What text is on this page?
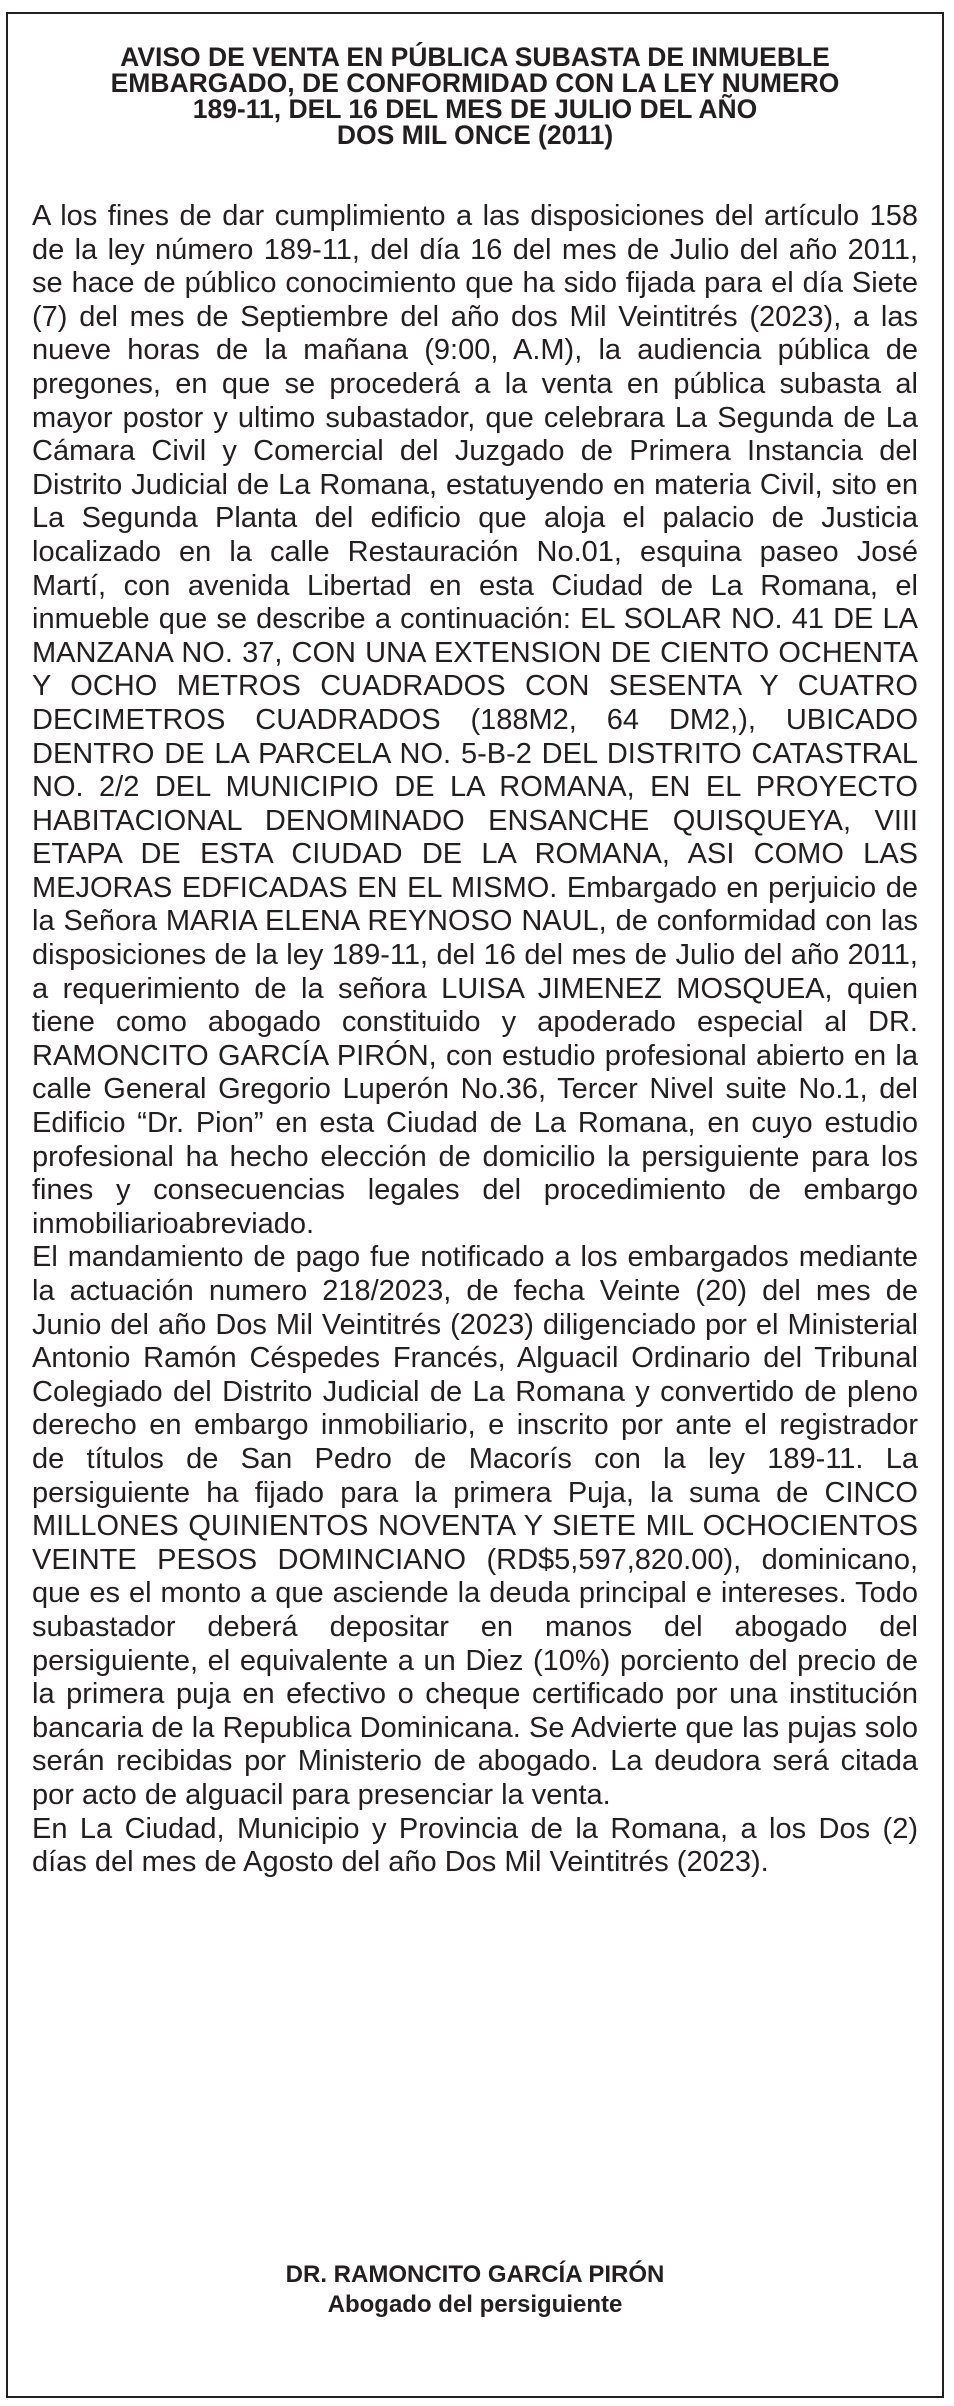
AVISO DE VENTA EN PÚBLICA SUBASTA DE INMUEBLE
EMBARGADO, DE CONFORMIDAD CON LA LEY NUMERO
189-11, DEL 16 DEL MES DE JULIO DEL AÑO
DOS MIL ONCE (2011)

A los fines de dar cumplimiento a las disposiciones del artículo 158 de la ley número 189-11, del día 16 del mes de Julio del año 2011, se hace de público conocimiento que ha sido fijada para el día Siete (7) del mes de Septiembre del año dos Mil Veintitrés (2023), a las nueve horas de la mañana (9:00, A.M), la audiencia pública de pregones, en que se procederá a la venta en pública subasta al mayor postor y ultimo subastador, que celebrara La Segunda de La Cámara Civil y Comercial del Juzgado de Primera Instancia del Distrito Judicial de La Romana, estatuyendo en materia Civil, sito en La Segunda Planta del edificio que aloja el palacio de Justicia localizado en la calle Restauración No.01, esquina paseo José Martí, con avenida Libertad en esta Ciudad de La Romana, el inmueble que se describe a continuación: EL SOLAR NO. 41 DE LA MANZANA NO. 37, CON UNA EXTENSION DE CIENTO OCHENTA Y OCHO METROS CUADRADOS CON SESENTA Y CUATRO DECIMETROS CUADRADOS (188M2, 64 DM2,), UBICADO DENTRO DE LA PARCELA NO. 5-B-2 DEL DISTRITO CATASTRAL NO. 2/2 DEL MUNICIPIO DE LA ROMANA, EN EL PROYECTO HABITACIONAL DENOMINADO ENSANCHE QUISQUEYA, VIII ETAPA DE ESTA CIUDAD DE LA ROMANA, ASI COMO LAS MEJORAS EDFICADAS EN EL MISMO. Embargado en perjuicio de la Señora MARIA ELENA REYNOSO NAUL, de conformidad con las disposiciones de la ley 189-11, del 16 del mes de Julio del año 2011, a requerimiento de la señora LUISA JIMENEZ MOSQUEA, quien tiene como abogado constituido y apoderado especial al DR. RAMONCITO GARCÍA PIRÓN, con estudio profesional abierto en la calle General Gregorio Luperón No.36, Tercer Nivel suite No.1, del Edificio “Dr. Pion” en esta Ciudad de La Romana, en cuyo estudio profesional ha hecho elección de domicilio la persiguiente para los fines y consecuencias legales del procedimiento de embargo inmobiliarioabreviado.

El mandamiento de pago fue notificado a los embargados mediante la actuación numero 218/2023, de fecha Veinte (20) del mes de Junio del año Dos Mil Veintitrés (2023) diligenciado por el Ministerial Antonio Ramón Céspedes Francés, Alguacil Ordinario del Tribunal Colegiado del Distrito Judicial de La Romana y convertido de pleno derecho en embargo inmobiliario, e inscrito por ante el registrador de títulos de San Pedro de Macorís con la ley 189-11. La persiguiente ha fijado para la primera Puja, la suma de CINCO MILLONES QUINIENTOS NOVENTA Y SIETE MIL OCHOCIENTOS VEINTE PESOS DOMINCIANO (RD$5,597,820.00), dominicano, que es el monto a que asciende la deuda principal e intereses. Todo subastador deberá depositar en manos del abogado del persiguiente, el equivalente a un Diez (10%) porciento del precio de la primera puja en efectivo o cheque certificado por una institución bancaria de la Republica Dominicana. Se Advierte que las pujas solo serán recibidas por Ministerio de abogado. La deudora será citada por acto de alguacil para presenciar la venta.

En La Ciudad, Municipio y Provincia de la Romana, a los Dos (2) días del mes de Agosto del año Dos Mil Veintitrés (2023).

DR. RAMONCITO GARCÍA PIRÓN
Abogado del persiguiente
